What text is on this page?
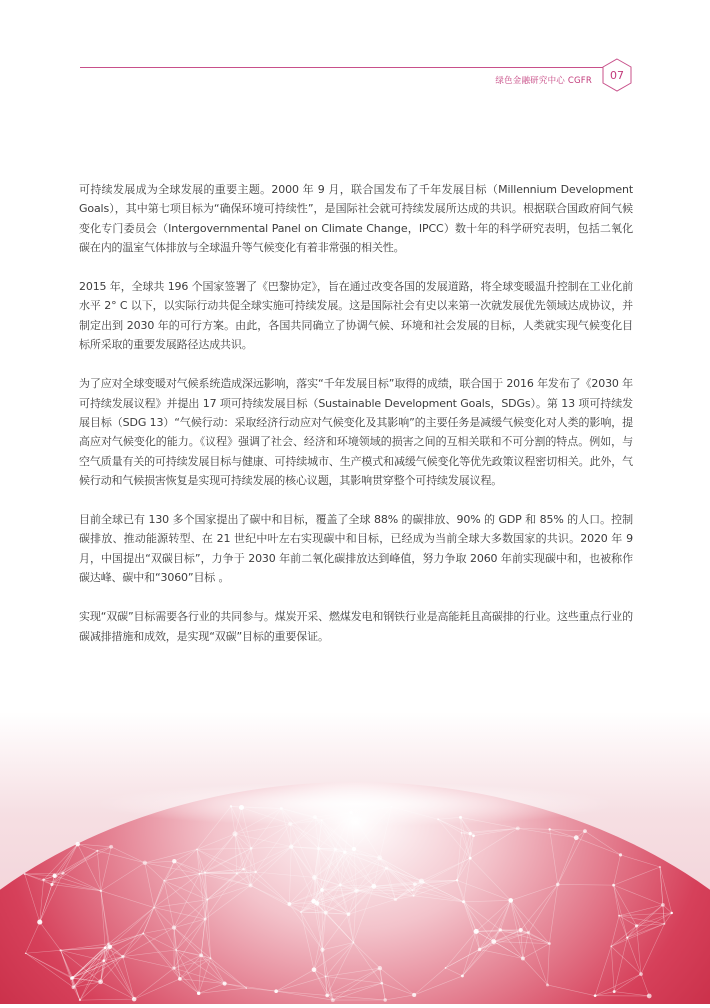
绿色金融研究中心 CGFR	07

可持续发展成为全球发展的重要主题。2000 年 9 月，联合国发布了千年发展目标（Millennium Development Goals），其中第七项目标为“确保环境可持续性”，是国际社会就可持续发展所达成的共识。根据联合国政府间气候变化专门委员会（Intergovernmental Panel on Climate Change，IPCC）数十年的科学研究表明，包括二氧化碳在内的温室气体排放与全球温升等气候变化有着非常强的相关性。

2015 年，全球共 196 个国家签署了《巴黎协定》，旨在通过改变各国的发展道路，将全球变暖温升控制在工业化前水平 2° C 以下，以实际行动共促全球实施可持续发展。这是国际社会有史以来第一次就发展优先领域达成协议，并制定出到 2030 年的可行方案。由此，各国共同确立了协调气候、环境和社会发展的目标，人类就实现气候变化目标所采取的重要发展路径达成共识。

为了应对全球变暖对气候系统造成深远影响，落实“千年发展目标”取得的成绩，联合国于 2016 年发布了《2030 年可持续发展议程》并提出 17 项可持续发展目标（Sustainable Development Goals，SDGs）。第 13 项可持续发展目标（SDG 13）“气候行动：采取经济行动应对气候变化及其影响”的主要任务是减缓气候变化对人类的影响，提高应对气候变化的能力。《议程》强调了社会、经济和环境领域的损害之间的互相关联和不可分割的特点。例如，与空气质量有关的可持续发展目标与健康、可持续城市、生产模式和减缓气候变化等优先政策议程密切相关。此外，气候行动和气候损害恢复是实现可持续发展的核心议题，其影响贯穿整个可持续发展议程。

目前全球已有 130 多个国家提出了碳中和目标，覆盖了全球 88% 的碳排放、90% 的 GDP 和 85% 的人口。控制碳排放、推动能源转型、在 21 世纪中叶左右实现碳中和目标，已经成为当前全球大多数国家的共识。2020 年 9 月，中国提出“双碳目标”，力争于 2030 年前二氧化碳排放达到峰值，努力争取 2060 年前实现碳中和，也被称作碳达峰、碳中和“3060”目标 。

实现“双碳”目标需要各行业的共同参与。煤炭开采、燃煤发电和钢铁行业是高能耗且高碳排的行业。这些重点行业的碳减排措施和成效，是实现“双碳”目标的重要保证。
